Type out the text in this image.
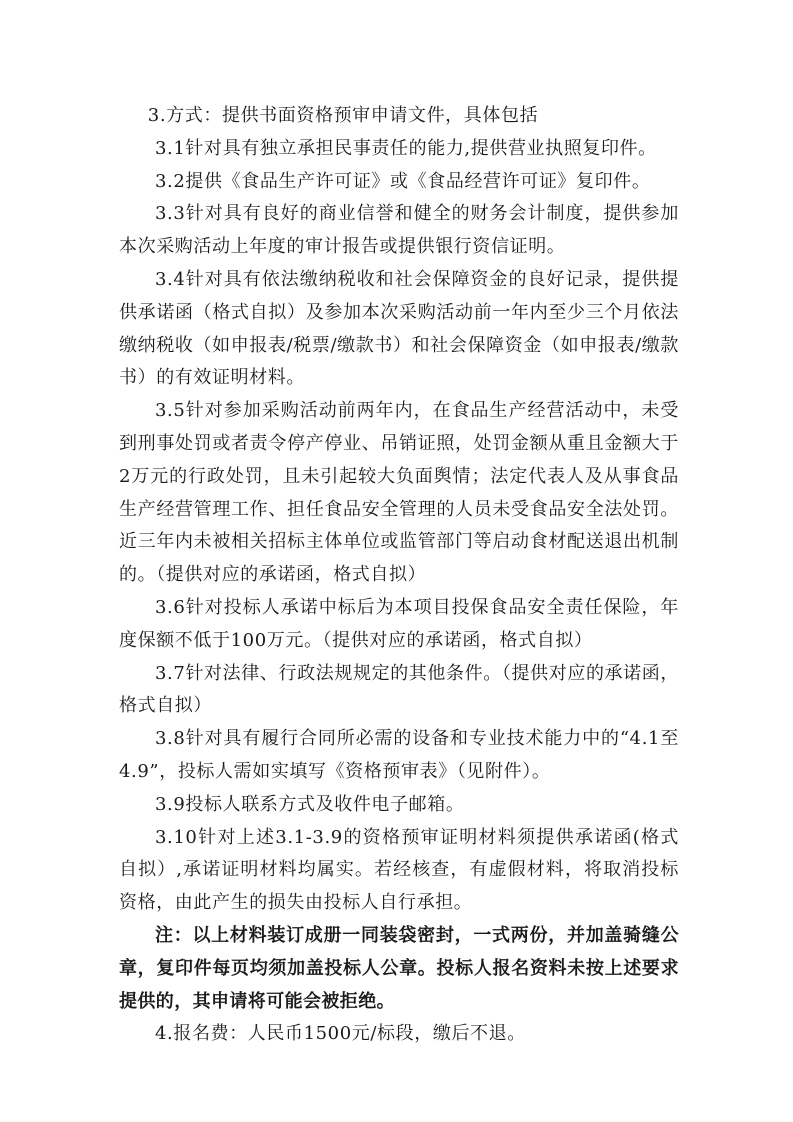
3.方式：提供书面资格预审申请文件，具体包括

3.1针对具有独立承担民事责任的能力,提供营业执照复印件。

3.2提供《食品生产许可证》或《食品经营许可证》复印件。

3.3针对具有良好的商业信誉和健全的财务会计制度，提供参加本次采购活动上年度的审计报告或提供银行资信证明。

3.4针对具有依法缴纳税收和社会保障资金的良好记录，提供提供承诺函（格式自拟）及参加本次采购活动前一年内至少三个月依法缴纳税收（如申报表/税票/缴款书）和社会保障资金（如申报表/缴款书）的有效证明材料。

3.5针对参加采购活动前两年内，在食品生产经营活动中，未受到刑事处罚或者责令停产停业、吊销证照，处罚金额从重且金额大于2万元的行政处罚，且未引起较大负面舆情；法定代表人及从事食品生产经营管理工作、担任食品安全管理的人员未受食品安全法处罚。近三年内未被相关招标主体单位或监管部门等启动食材配送退出机制的。（提供对应的承诺函，格式自拟）

3.6针对投标人承诺中标后为本项目投保食品安全责任保险，年度保额不低于100万元。（提供对应的承诺函，格式自拟）

3.7针对法律、行政法规规定的其他条件。（提供对应的承诺函，格式自拟）

3.8针对具有履行合同所必需的设备和专业技术能力中的“4.1至4.9”，投标人需如实填写《资格预审表》（见附件）。

3.9投标人联系方式及收件电子邮箱。

3.10针对上述3.1-3.9的资格预审证明材料须提供承诺函(格式自拟）,承诺证明材料均属实。若经核查，有虚假材料，将取消投标资格，由此产生的损失由投标人自行承担。

注：以上材料装订成册一同装袋密封，一式两份，并加盖骑缝公章，复印件每页均须加盖投标人公章。投标人报名资料未按上述要求提供的，其申请将可能会被拒绝。

4.报名费：人民币1500元/标段，缴后不退。
